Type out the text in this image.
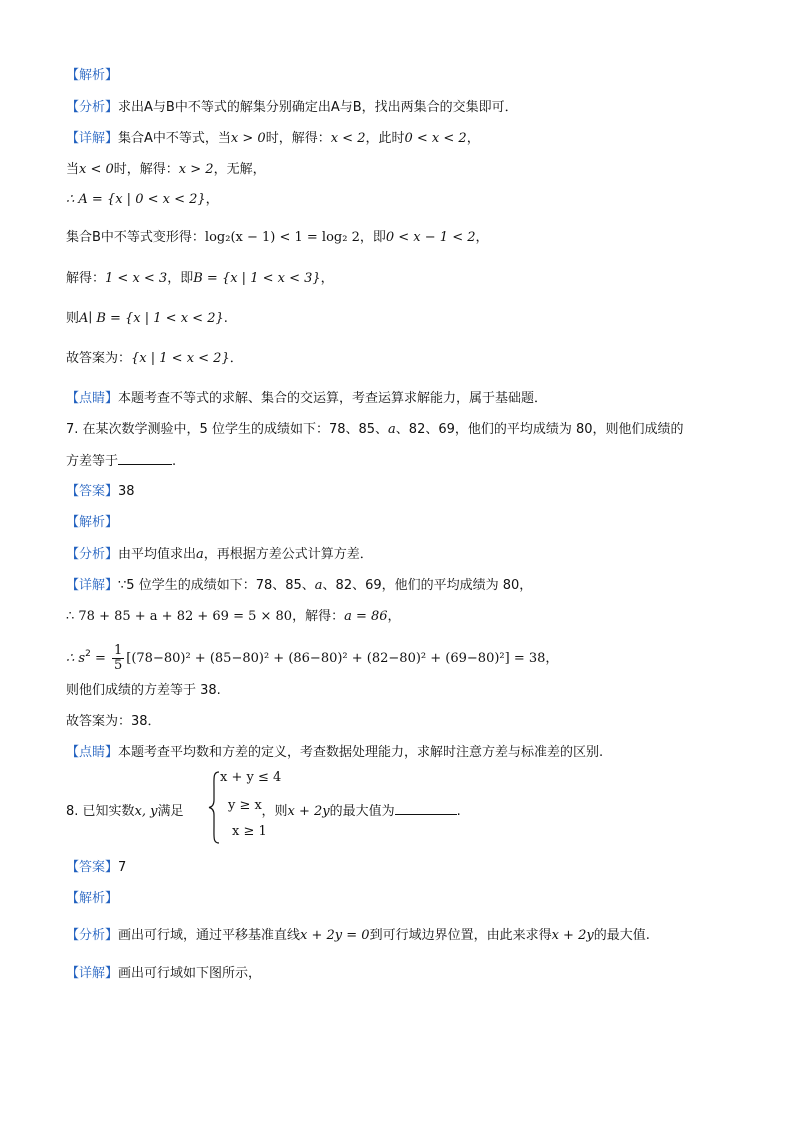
【解析】
【分析】求出A与B中不等式的解集分别确定出A与B，找出两集合的交集即可．
【详解】集合A中不等式，当x > 0时，解得：x < 2，此时0 < x < 2，
当x < 0时，解得：x > 2，无解，
∴ A = {x | 0 < x < 2}，
集合B中不等式变形得：log₂(x − 1) < 1 = log₂ 2，即0 < x − 1 < 2，
解得：1 < x < 3，即B = {x | 1 < x < 3}，
则A∣ B = {x | 1 < x < 2}.
故答案为：{x | 1 < x < 2}．
【点睛】本题考查不等式的求解、集合的交运算，考查运算求解能力，属于基础题．
7. 在某次数学测验中，5 位学生的成绩如下：78、85、a、82、69，他们的平均成绩为 80，则他们成绩的
方差等于	.
【答案】38
【解析】
【分析】由平均值求出a，再根据方差公式计算方差．
【详解】∵5 位学生的成绩如下：78、85、a、82、69，他们的平均成绩为 80，
∴ 78 + 85 + a + 82 + 69 = 5 × 80，解得：a = 86，
∴ $s^2 = \frac{1}{5} [(78-80)^2 + (85-80)^2 + (86-80)^2 + (82-80)^2 + (69-80)^2] = 38$，
则他们成绩的方差等于 38.
故答案为：38．
【点睛】本题考查平均数和方差的定义，考查数据处理能力，求解时注意方差与标准差的区别.
8. 已知实数x, y满足	，则x + 2y的最大值为	.
x + y ≤ 4
y ≥ x
x ≥ 1
【答案】7
【解析】
【分析】画出可行域，通过平移基准直线x + 2y = 0到可行域边界位置，由此来求得x + 2y的最大值.
【详解】画出可行域如下图所示，
